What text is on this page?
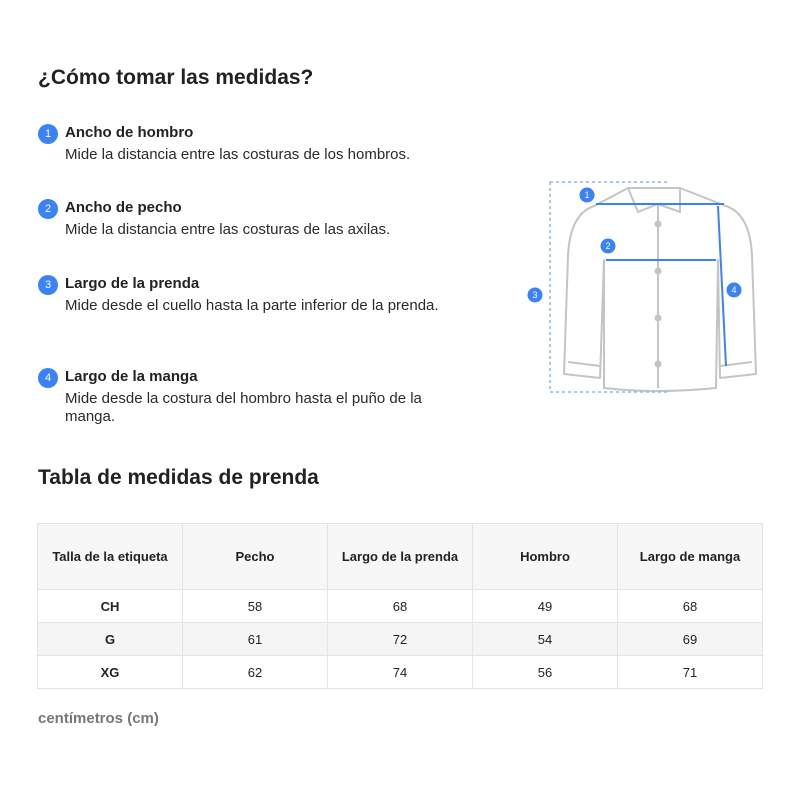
¿Cómo tomar las medidas?
1 Ancho de hombro
Mide la distancia entre las costuras de los hombros.
2 Ancho de pecho
Mide la distancia entre las costuras de las axilas.
3 Largo de la prenda
Mide desde el cuello hasta la parte inferior de la prenda.
4 Largo de la manga
Mide desde la costura del hombro hasta el puño de la manga.
1
2
3	4
Tabla de medidas de prenda
Talla de la etiqueta	Pecho	Largo de la prenda	Hombro	Largo de manga
CH	58	68	49	68
G	61	72	54	69
XG	62	74	56	71
centímetros (cm)
